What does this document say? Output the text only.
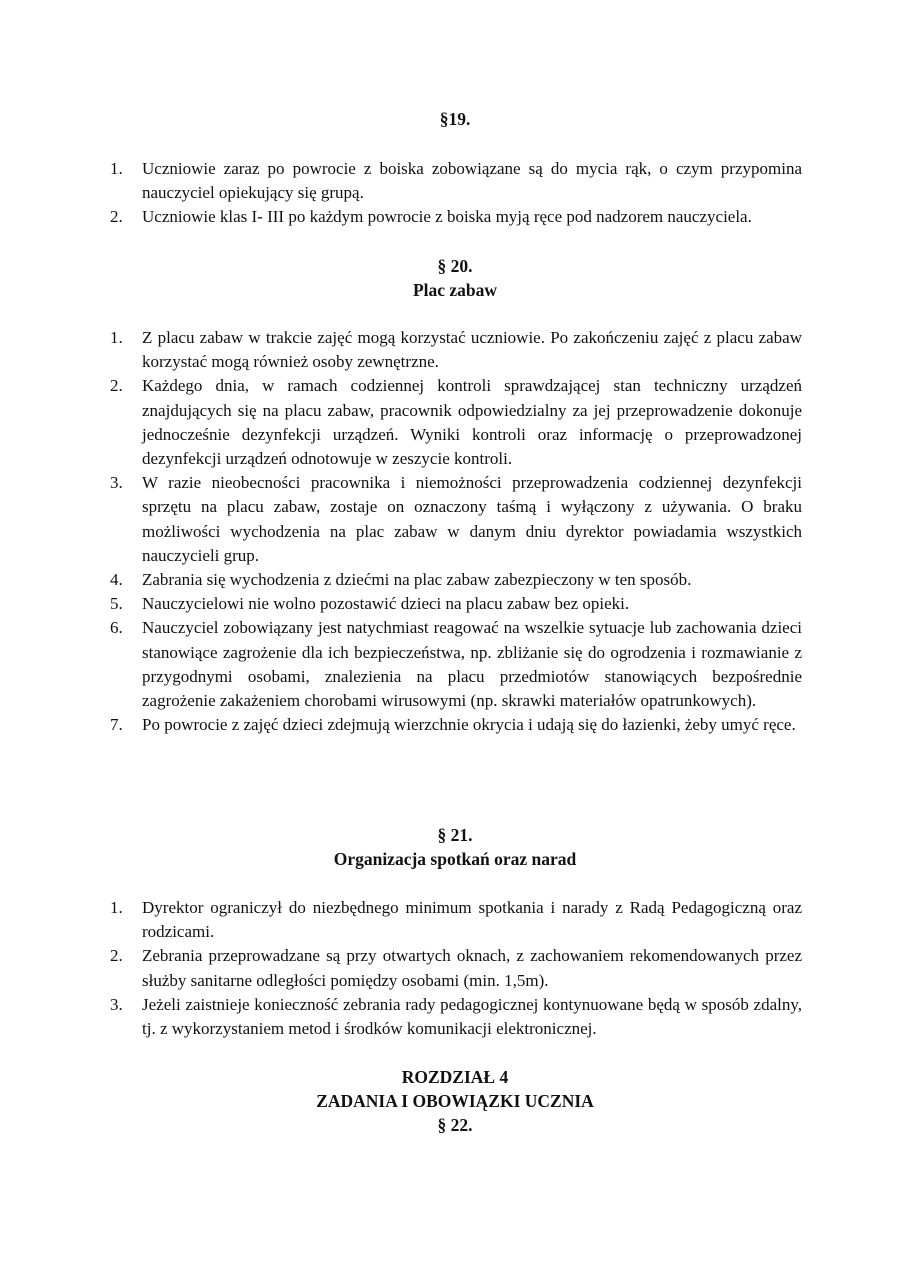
§19.

1.	Uczniowie zaraz po powrocie z boiska zobowiązane są do mycia rąk, o czym przypomina nauczyciel opiekujący się grupą.
2.	Uczniowie klas I- III po każdym powrocie z boiska myją ręce pod nadzorem nauczyciela.

§ 20.

Plac zabaw

1.	Z placu zabaw w trakcie zajęć mogą korzystać uczniowie. Po zakończeniu zajęć z placu zabaw korzystać mogą również osoby zewnętrzne.
2.	Każdego dnia, w ramach codziennej kontroli sprawdzającej stan techniczny urządzeń znajdujących się na placu zabaw, pracownik odpowiedzialny za jej przeprowadzenie dokonuje jednocześnie dezynfekcji urządzeń. Wyniki kontroli oraz informację o przeprowadzonej dezynfekcji urządzeń odnotowuje w zeszycie kontroli.
3.	W razie nieobecności pracownika i niemożności przeprowadzenia codziennej dezynfekcji sprzętu na placu zabaw, zostaje on oznaczony taśmą i wyłączony z używania. O braku możliwości wychodzenia na plac zabaw w danym dniu dyrektor powiadamia wszystkich nauczycieli grup.
4.	Zabrania się wychodzenia z dziećmi na plac zabaw zabezpieczony w ten sposób.
5.	Nauczycielowi nie wolno pozostawić dzieci na placu zabaw bez opieki.
6.	Nauczyciel zobowiązany jest natychmiast reagować na wszelkie sytuacje lub zachowania dzieci stanowiące zagrożenie dla ich bezpieczeństwa, np. zbliżanie się do ogrodzenia i rozmawianie z przygodnymi osobami, znalezienia na placu przedmiotów stanowiących bezpośrednie zagrożenie zakażeniem chorobami wirusowymi (np. skrawki materiałów opatrunkowych).
7.	Po powrocie z zajęć dzieci zdejmują wierzchnie okrycia i udają się do łazienki, żeby umyć ręce.

§ 21.

Organizacja spotkań oraz narad

1.	Dyrektor ograniczył do niezbędnego minimum spotkania i narady z Radą Pedagogiczną oraz rodzicami.
2.	Zebrania przeprowadzane są przy otwartych oknach, z zachowaniem rekomendowanych przez służby sanitarne odległości pomiędzy osobami (min. 1,5m).
3.	Jeżeli zaistnieje konieczność zebrania rady pedagogicznej kontynuowane będą w sposób zdalny, tj. z wykorzystaniem metod i środków komunikacji elektronicznej.

ROZDZIAŁ 4

ZADANIA I OBOWIĄZKI UCZNIA

§ 22.
